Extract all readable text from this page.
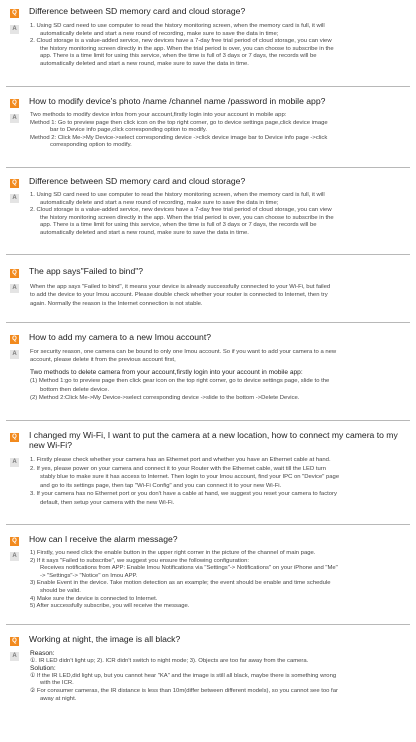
Q Difference between SD memory card and cloud storage?
A	1. Using SD card need to use computer to read the history monitoring screen, when the memory card is full, it will

automatically delete and start a new round of recording, make sure to save the data in time;

2. Cloud storage is a value-added service, new devices have a 7-day free trial period of cloud storage, you can view

the history monitoring screen directly in the app. When the trial period is over, you can choose to subscribe in the

app. There is a time limit for using this service, when the time is full of 3 days or 7 days, the records will be

automatically deleted and start a new round, make sure to save the data in time.

Q How to modify device's photo /name /channel name /password in mobile app?
A	Two methods to modify device infos from your account,firstly login into your account in mobile app:

Method 1: Go to preview page then click icon on the top right corner, go to device settings page,click device image

bar to Device info page,click corresponding option to modify.

Method 2: Click Me->My Device->select corresponding device ->click device image bar to Device info page ->click

corresponding option to modify.

Q Difference between SD memory card and cloud storage?
A	1. Using SD card need to use computer to read the history monitoring screen, when the memory card is full, it will

automatically delete and start a new round of recording, make sure to save the data in time;

2. Cloud storage is a value-added service, new devices have a 7-day free trial period of cloud storage, you can view

the history monitoring screen directly in the app. When the trial period is over, you can choose to subscribe in the

app. There is a time limit for using this service, when the time is full of 3 days or 7 days, the records will be

automatically deleted and start a new round, make sure to save the data in time.

Q The app says"Failed to bind"?
A	When the app says "Failed to bind", it means your device is already successfully connected to your Wi-Fi, but failed

to add the device to your Imou account. Please double check whether your router is connected to Internet, then try

again. Normally the reason is the Internet connection is not stable.

Q How to add my camera to a new Imou account?
A	For security reason, one camera can be bound to only one Imou account. So if you want to add your camera to a new

account, please delete it from the previous account first,

Two methods to delete camera from your account,firstly login into your account in mobile app:

(1) Method 1:go to preview page then click gear icon on the top right corner, go to device settings page, slide to the

bottom then delete device.

(2) Method 2:Click Me->My Device->select corresponding device ->slide to the bottom ->Delete Device.

Q I changed my Wi-Fi, I want to put the camera at a new location, how to connect my camera to my new Wi-Fi?
A	1. Firstly please check whether your camera has an Ethernet port and whether you have an Ethernet cable at hand.

2. If yes, please power on your camera and connect it to your Router with the Ethernet cable, wait till the LED turn

stably blue to make sure it has access to Internet. Then login to your Imou account, find your IPC on "Device" page

and go to its settings page, then tap "Wi-Fi Config" and you can connect it to your new Wi-Fi.

3. If your camera has no Ethernet port or you don't have a cable at hand, we suggest you reset your camera to factory

default, then setup your camera with the new Wi-Fi.

Q How can I receive the alarm message?
A	1) Firstly, you need click the enable button in the upper right corner in the picture of the channel of main page.

2) If it says "Failed to subscribe", we suggest you ensure the following configuration:

Receives notifications from APP: Enable Imou Notifications via "Settings"-> Notifications" on your iPhone and "Me"

-> "Settings"-> "Notice" on Imou APP.

3) Enable Event in the device. Take motion detection as an example; the event should be enable and time schedule

should be valid.

4) Make sure the device is connected to Internet.

5) After successfully subscribe, you will receive the message.

Q Working at night, the image is all black?
A	Reason:

①. IR LED didn't light up; 2). ICR didn't switch to night mode; 3). Objects are too far away from the camera.

Solution:

① If the IR LED,did light up, but you cannot hear "KA" and the image is still all black, maybe there is something wrong

with the ICR.

② For consumer cameras, the IR distance is less than 10m(differ between different models), so you cannot see too far

away at night.
